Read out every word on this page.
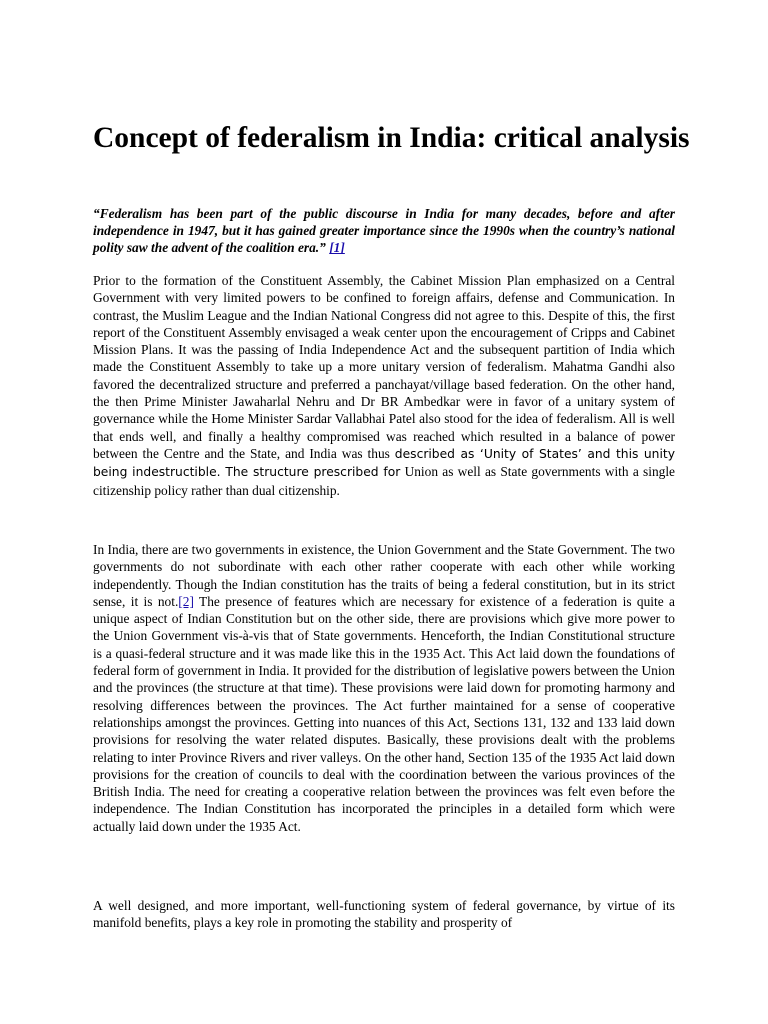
Concept of federalism in India: critical analysis

“Federalism has been part of the public discourse in India for many decades, before and after independence in 1947, but it has gained greater importance since the 1990s when the country’s national polity saw the advent of the coalition era.” [1]

Prior to the formation of the Constituent Assembly, the Cabinet Mission Plan emphasized on a Central Government with very limited powers to be confined to foreign affairs, defense and Communication. In contrast, the Muslim League and the Indian National Congress did not agree to this. Despite of this, the first report of the Constituent Assembly envisaged a weak center upon the encouragement of Cripps and Cabinet Mission Plans. It was the passing of India Independence Act and the subsequent partition of India which made the Constituent Assembly to take up a more unitary version of federalism. Mahatma Gandhi also favored the decentralized structure and preferred a panchayat/village based federation. On the other hand, the then Prime Minister Jawaharlal Nehru and Dr BR Ambedkar were in favor of a unitary system of governance while the Home Minister Sardar Vallabhai Patel also stood for the idea of federalism. All is well that ends well, and finally a healthy compromised was reached which resulted in a balance of power between the Centre and the State, and India was thus described as ‘Unity of States’ and this unity being indestructible. The structure prescribed for Union as well as State governments with a single citizenship policy rather than dual citizenship.

In India, there are two governments in existence, the Union Government and the State Government. The two governments do not subordinate with each other rather cooperate with each other while working independently. Though the Indian constitution has the traits of being a federal constitution, but in its strict sense, it is not.[2] The presence of features which are necessary for existence of a federation is quite a unique aspect of Indian Constitution but on the other side, there are provisions which give more power to the Union Government vis-à-vis that of State governments. Henceforth, the Indian Constitutional structure is a quasi-federal structure and it was made like this in the 1935 Act. This Act laid down the foundations of federal form of government in India. It provided for the distribution of legislative powers between the Union and the provinces (the structure at that time). These provisions were laid down for promoting harmony and resolving differences between the provinces. The Act further maintained for a sense of cooperative relationships amongst the provinces. Getting into nuances of this Act, Sections 131, 132 and 133 laid down provisions for resolving the water related disputes. Basically, these provisions dealt with the problems relating to inter Province Rivers and river valleys. On the other hand, Section 135 of the 1935 Act laid down provisions for the creation of councils to deal with the coordination between the various provinces of the British India. The need for creating a cooperative relation between the provinces was felt even before the independence. The Indian Constitution has incorporated the principles in a detailed form which were actually laid down under the 1935 Act.

A well designed, and more important, well-functioning system of federal governance, by virtue of its manifold benefits, plays a key role in promoting the stability and prosperity of
